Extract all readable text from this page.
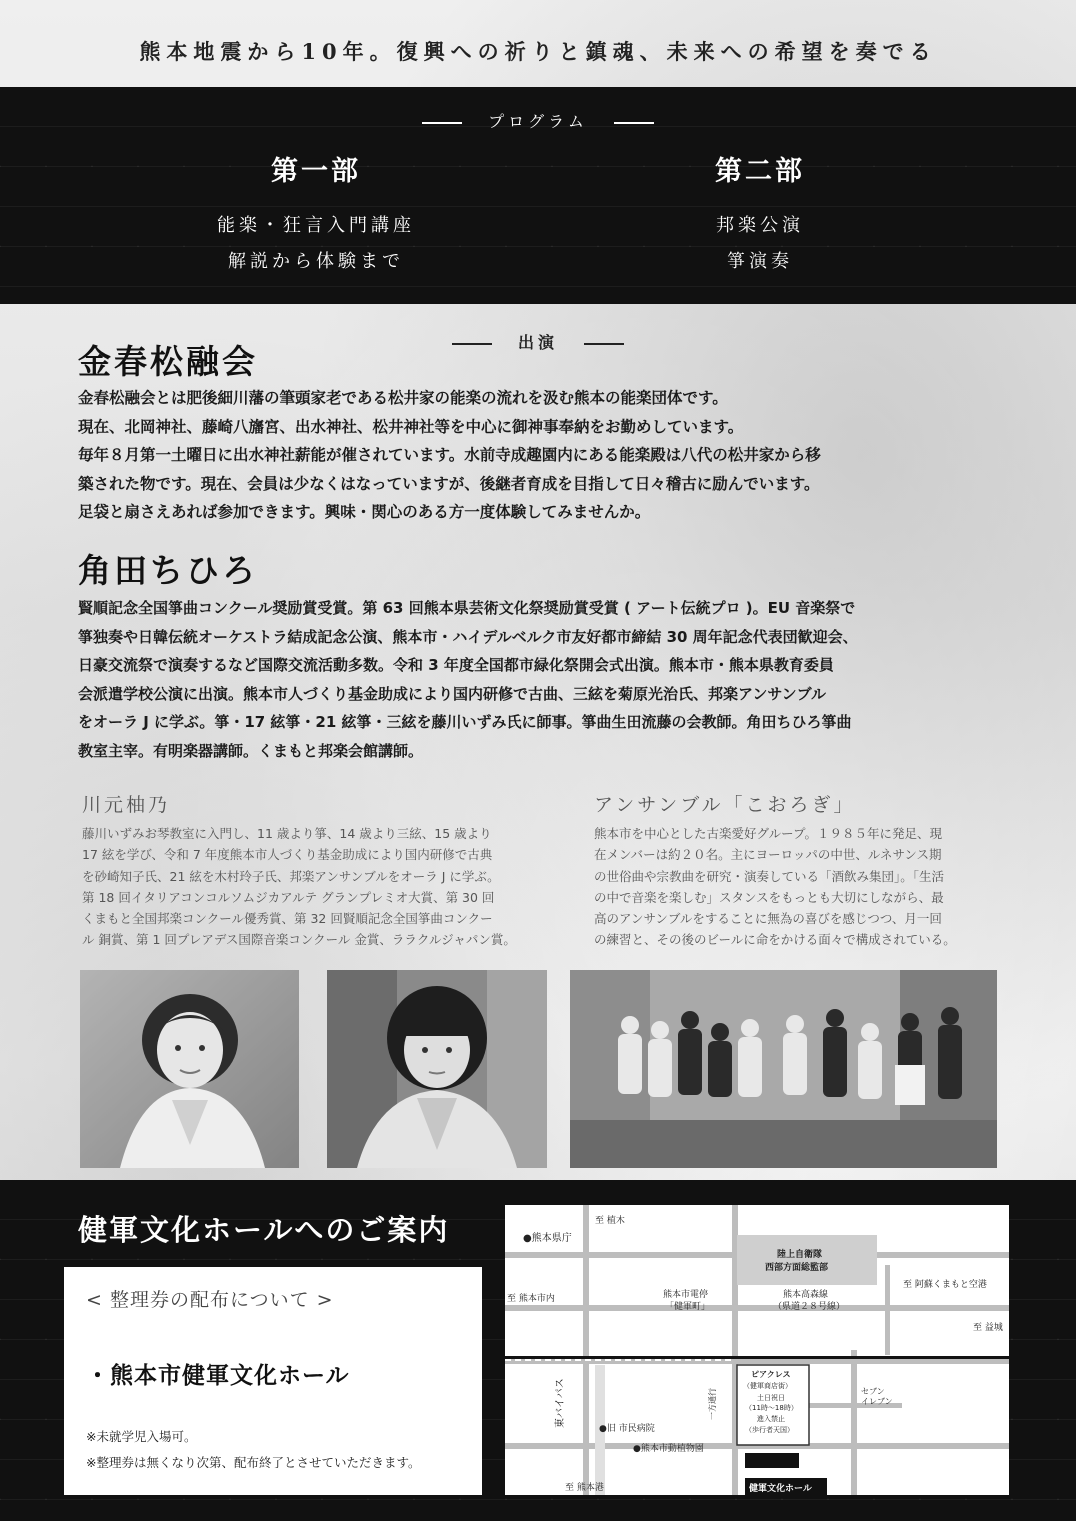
熊本地震から10年。復興への祈りと鎮魂、未来への希望を奏でる
プログラム
第一部

能楽・狂言入門講座

解説から体験まで

第二部

邦楽公演

箏演奏

出演
金春松融会

金春松融会とは肥後細川藩の筆頭家老である松井家の能楽の流れを汲む熊本の能楽団体です。

現在、北岡神社、藤崎八旛宮、出水神社、松井神社等を中心に御神事奉納をお勤めしています。

毎年８月第一土曜日に出水神社薪能が催されています。水前寺成趣園内にある能楽殿は八代の松井家から移

築された物です。現在、会員は少なくはなっていますが、後継者育成を目指して日々稽古に励んでいます。

足袋と扇さえあれば参加できます。興味・関心のある方一度体験してみませんか。

角田ちひろ

賢順記念全国箏曲コンクール奨励賞受賞。第 63 回熊本県芸術文化祭奨励賞受賞 ( アート伝統プロ )。EU 音楽祭で

箏独奏や日韓伝統オーケストラ結成記念公演、熊本市・ハイデルベルク市友好都市締結 30 周年記念代表団歓迎会、

日豪交流祭で演奏するなど国際交流活動多数。令和 3 年度全国都市緑化祭開会式出演。熊本市・熊本県教育委員

会派遣学校公演に出演。熊本市人づくり基金助成により国内研修で古曲、三絃を菊原光治氏、邦楽アンサンブル

をオーラ J に学ぶ。箏・17 絃箏・21 絃箏・三絃を藤川いずみ氏に師事。箏曲生田流藤の会教師。角田ちひろ箏曲

教室主宰。有明楽器講師。くまもと邦楽会館講師。

川元柚乃

藤川いずみお琴教室に入門し、11 歳より箏、14 歳より三絃、15 歳より

17 絃を学び、令和 7 年度熊本市人づくり基金助成により国内研修で古典

を砂崎知子氏、21 絃を木村玲子氏、邦楽アンサンブルをオーラ J に学ぶ。

第 18 回イタリアコンコルソムジカアルテ グランプレミオ大賞、第 30 回

くまもと全国邦楽コンクール優秀賞、第 32 回賢順記念全国箏曲コンクー

ル 銅賞、第 1 回プレアデス国際音楽コンクール 金賞、ララクルジャパン賞。

アンサンブル「こおろぎ」

熊本市を中心とした古楽愛好グループ。１９８５年に発足、現

在メンバーは約２０名。主にヨーロッパの中世、ルネサンス期

の世俗曲や宗教曲を研究・演奏している「酒飲み集団」。「生活

の中で音楽を楽しむ」スタンスをもっとも大切にしながら、最

高のアンサンブルをすることに無為の喜びを感じつつ、月一回

の練習と、その後のビールに命をかける面々で構成されている。

健軍文化ホールへのご案内
< 整理券の配布について >
・熊本市健軍文化ホール
※未就学児入場可。
※整理券は無くなり次第、配布終了とさせていただきます。
至 植木
●熊本県庁
陸上自衛隊
西部方面総監部
至 阿蘇くまもと空港
至 熊本市内	熊本市電停
「健軍町」
熊本高森線
（県道２８号線）
至 益城
東バイパス	一方通行
ピアクレス
（健軍商店街）
土日祝日
（11時～18時）
進入禁止
（歩行者天国）
セブン
イレブン
●旧 市民病院
●熊本市動植物園
至 熊本港	健軍文化ホール
